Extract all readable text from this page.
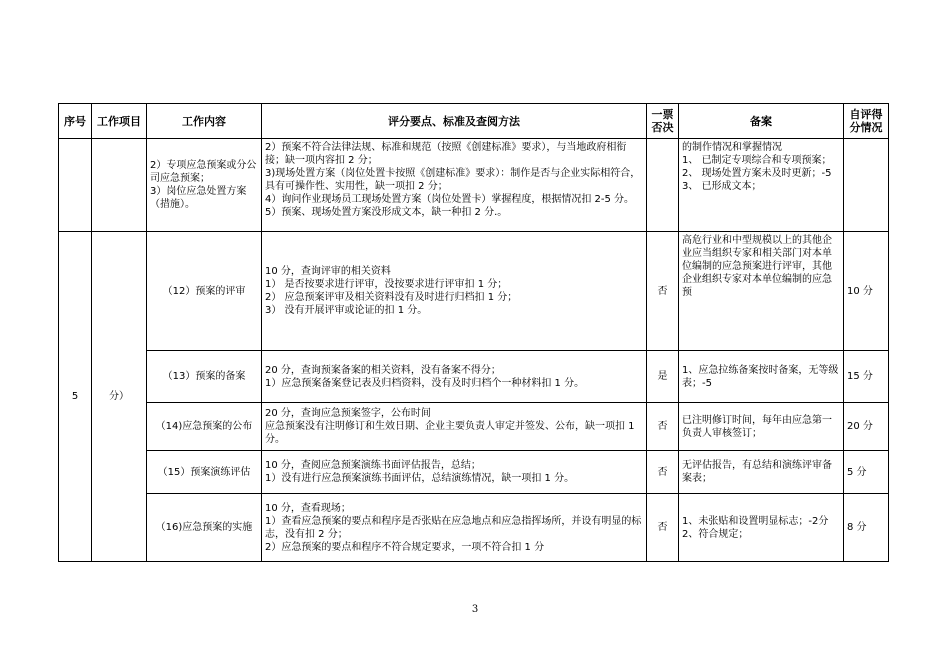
序号	工作项目	工作内容	评分要点、标准及查阅方法	一票
否决	备案	自评得
分情况
		2）专项应急预案或分公司应急预案；
3）岗位应急处置方案（措施）。	2）预案不符合法律法规、标准和规范（按照《创建标准》要求），与当地政府相衔接；缺一项内容扣 2 分；
3)现场处置方案（岗位处置卡按照《创建标准》要求）：制作是否与企业实际相符合，具有可操作性、实用性，缺一项扣 2 分；
4）询问作业现场员工现场处置方案（岗位处置卡）掌握程度，根据情况扣 2-5 分。
5）预案、现场处置方案没形成文本，缺一种扣 2 分.。		的制作情况和掌握情况
1、 已制定专项综合和专项预案；
2、 现场处置方案未及时更新；-5
3、 已形成文本；	
5	分）	（12）预案的评审	10 分，查询评审的相关资料
1） 是否按要求进行评审，没按要求进行评审扣 1 分；
2） 应急预案评审及相关资料没有及时进行归档扣 1 分；
3） 没有开展评审或论证的扣 1 分。	否	高危行业和中型规模以上的其他企业应当组织专家和相关部门对本单位编制的应急预案进行评审，其他企业组织专家对本单位编制的应急预	10 分
		（13）预案的备案	20 分，查询预案备案的相关资料，没有备案不得分；
1）应急预案备案登记表及归档资料，没有及时归档个一种材料扣 1 分。	是	1、应急拉练备案按时备案，无等级表；-5	15 分
		（14)应急预案的公布	20 分，查询应急预案签字，公布时间
应急预案没有注明修订和生效日期、企业主要负责人审定并签发、公布，缺一项扣 1 分。	否	已注明修订时间，每年由应急第一负责人审核签订；	20 分
		（15）预案演练评估	10 分，查阅应急预案演练书面评估报告，总结；
1）没有进行应急预案演练书面评估，总结演练情况，缺一项扣 1 分。	否	无评估报告，有总结和演练评审备案表；	5 分
		（16)应急预案的实施	10 分，查看现场；
1）查看应急预案的要点和程序是否张贴在应急地点和应急指挥场所，并设有明显的标志，没有扣 2 分；
2）应急预案的要点和程序不符合规定要求，一项不符合扣 1 分	否	1、未张贴和设置明显标志；-2分
2、符合规定；	8 分
3
